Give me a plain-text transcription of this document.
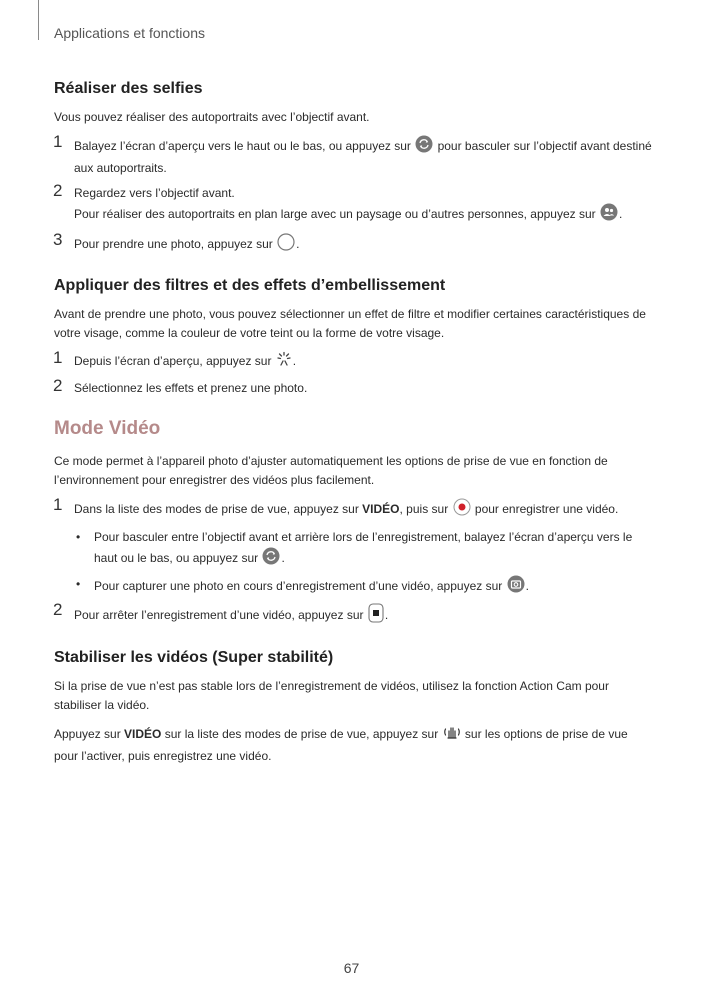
Applications et fonctions
Réaliser des selfies

Vous pouvez réaliser des autoportraits avec l’objectif avant.

1 Balayez l’écran d’aperçu vers le haut ou le bas, ou appuyez sur pour basculer sur l’objectif avant destiné aux autoportraits.
2 Regardez vers l’objectif avant.
Pour réaliser des autoportraits en plan large avec un paysage ou d’autres personnes, appuyez sur .
3 Pour prendre une photo, appuyez sur .
Appliquer des filtres et des effets d’embellissement

Avant de prendre une photo, vous pouvez sélectionner un effet de filtre et modifier certaines caractéristiques de votre visage, comme la couleur de votre teint ou la forme de votre visage.

1 Depuis l’écran d’aperçu, appuyez sur .
2 Sélectionnez les effets et prenez une photo.
Mode Vidéo

Ce mode permet à l’appareil photo d’ajuster automatiquement les options de prise de vue en fonction de l’environnement pour enregistrer des vidéos plus facilement.

1 Dans la liste des modes de prise de vue, appuyez sur VIDÉO, puis sur pour enregistrer une vidéo.
• Pour basculer entre l’objectif avant et arrière lors de l’enregistrement, balayez l’écran d’aperçu vers le haut ou le bas, ou appuyez sur .
• Pour capturer une photo en cours d’enregistrement d’une vidéo, appuyez sur .
2 Pour arrêter l’enregistrement d’une vidéo, appuyez sur .
Stabiliser les vidéos (Super stabilité)

Si la prise de vue n’est pas stable lors de l’enregistrement de vidéos, utilisez la fonction Action Cam pour stabiliser la vidéo.

Appuyez sur VIDÉO sur la liste des modes de prise de vue, appuyez sur sur les options de prise de vue pour l’activer, puis enregistrez une vidéo.

67
